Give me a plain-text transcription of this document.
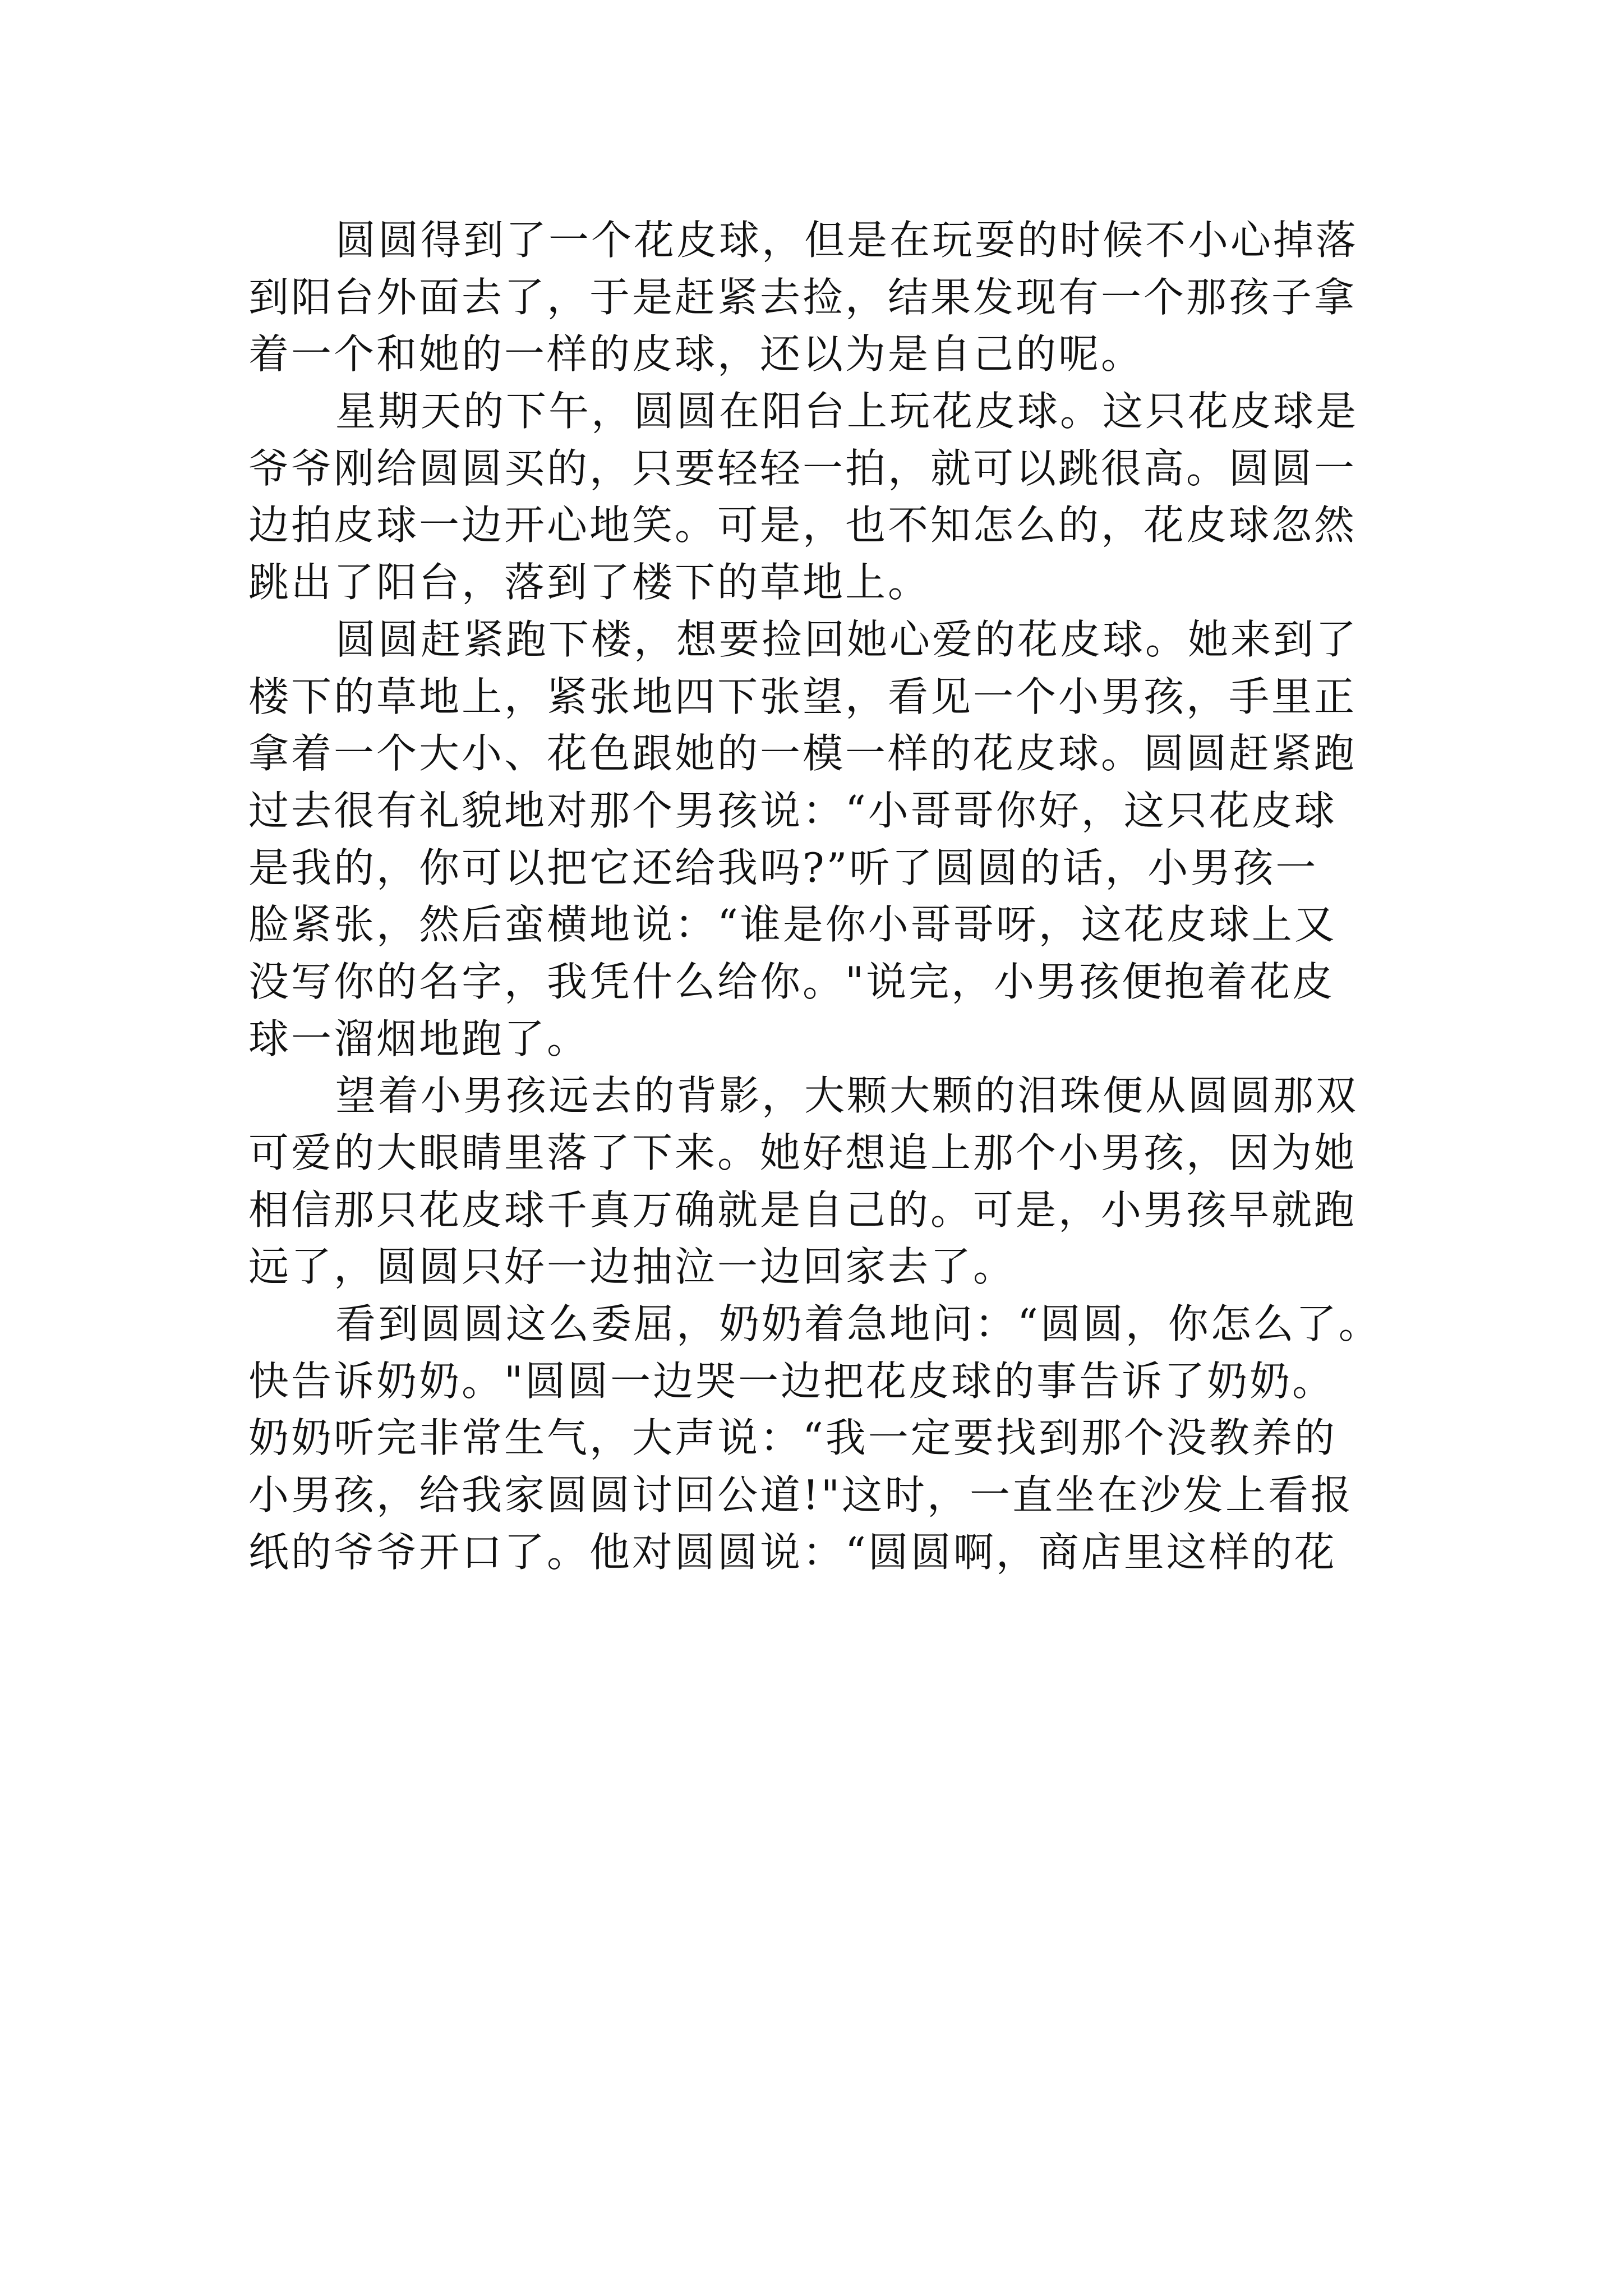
圆圆得到了一个花皮球，但是在玩耍的时候不小心掉落
到阳台外面去了，于是赶紧去捡，结果发现有一个那孩子拿
着一个和她的一样的皮球，还以为是自己的呢。
星期天的下午，圆圆在阳台上玩花皮球。这只花皮球是
爷爷刚给圆圆买的，只要轻轻一拍，就可以跳很高。圆圆一
边拍皮球一边开心地笑。可是，也不知怎么的，花皮球忽然
跳出了阳台，落到了楼下的草地上。
圆圆赶紧跑下楼，想要捡回她心爱的花皮球。她来到了
楼下的草地上，紧张地四下张望，看见一个小男孩，手里正
拿着一个大小、花色跟她的一模一样的花皮球。圆圆赶紧跑
过去很有礼貌地对那个男孩说：“小哥哥你好，这只花皮球
是我的，你可以把它还给我吗?”听了圆圆的话，小男孩一
脸紧张，然后蛮横地说：“谁是你小哥哥呀，这花皮球上又
没写你的名字，我凭什么给你。"说完，小男孩便抱着花皮
球一溜烟地跑了。
望着小男孩远去的背影，大颗大颗的泪珠便从圆圆那双
可爱的大眼睛里落了下来。她好想追上那个小男孩，因为她
相信那只花皮球千真万确就是自己的。可是，小男孩早就跑
远了，圆圆只好一边抽泣一边回家去了。
看到圆圆这么委屈，奶奶着急地问：“圆圆，你怎么了。
快告诉奶奶。"圆圆一边哭一边把花皮球的事告诉了奶奶。
奶奶听完非常生气，大声说：“我一定要找到那个没教养的
小男孩，给我家圆圆讨回公道!"这时，一直坐在沙发上看报
纸的爷爷开口了。他对圆圆说：“圆圆啊，商店里这样的花
